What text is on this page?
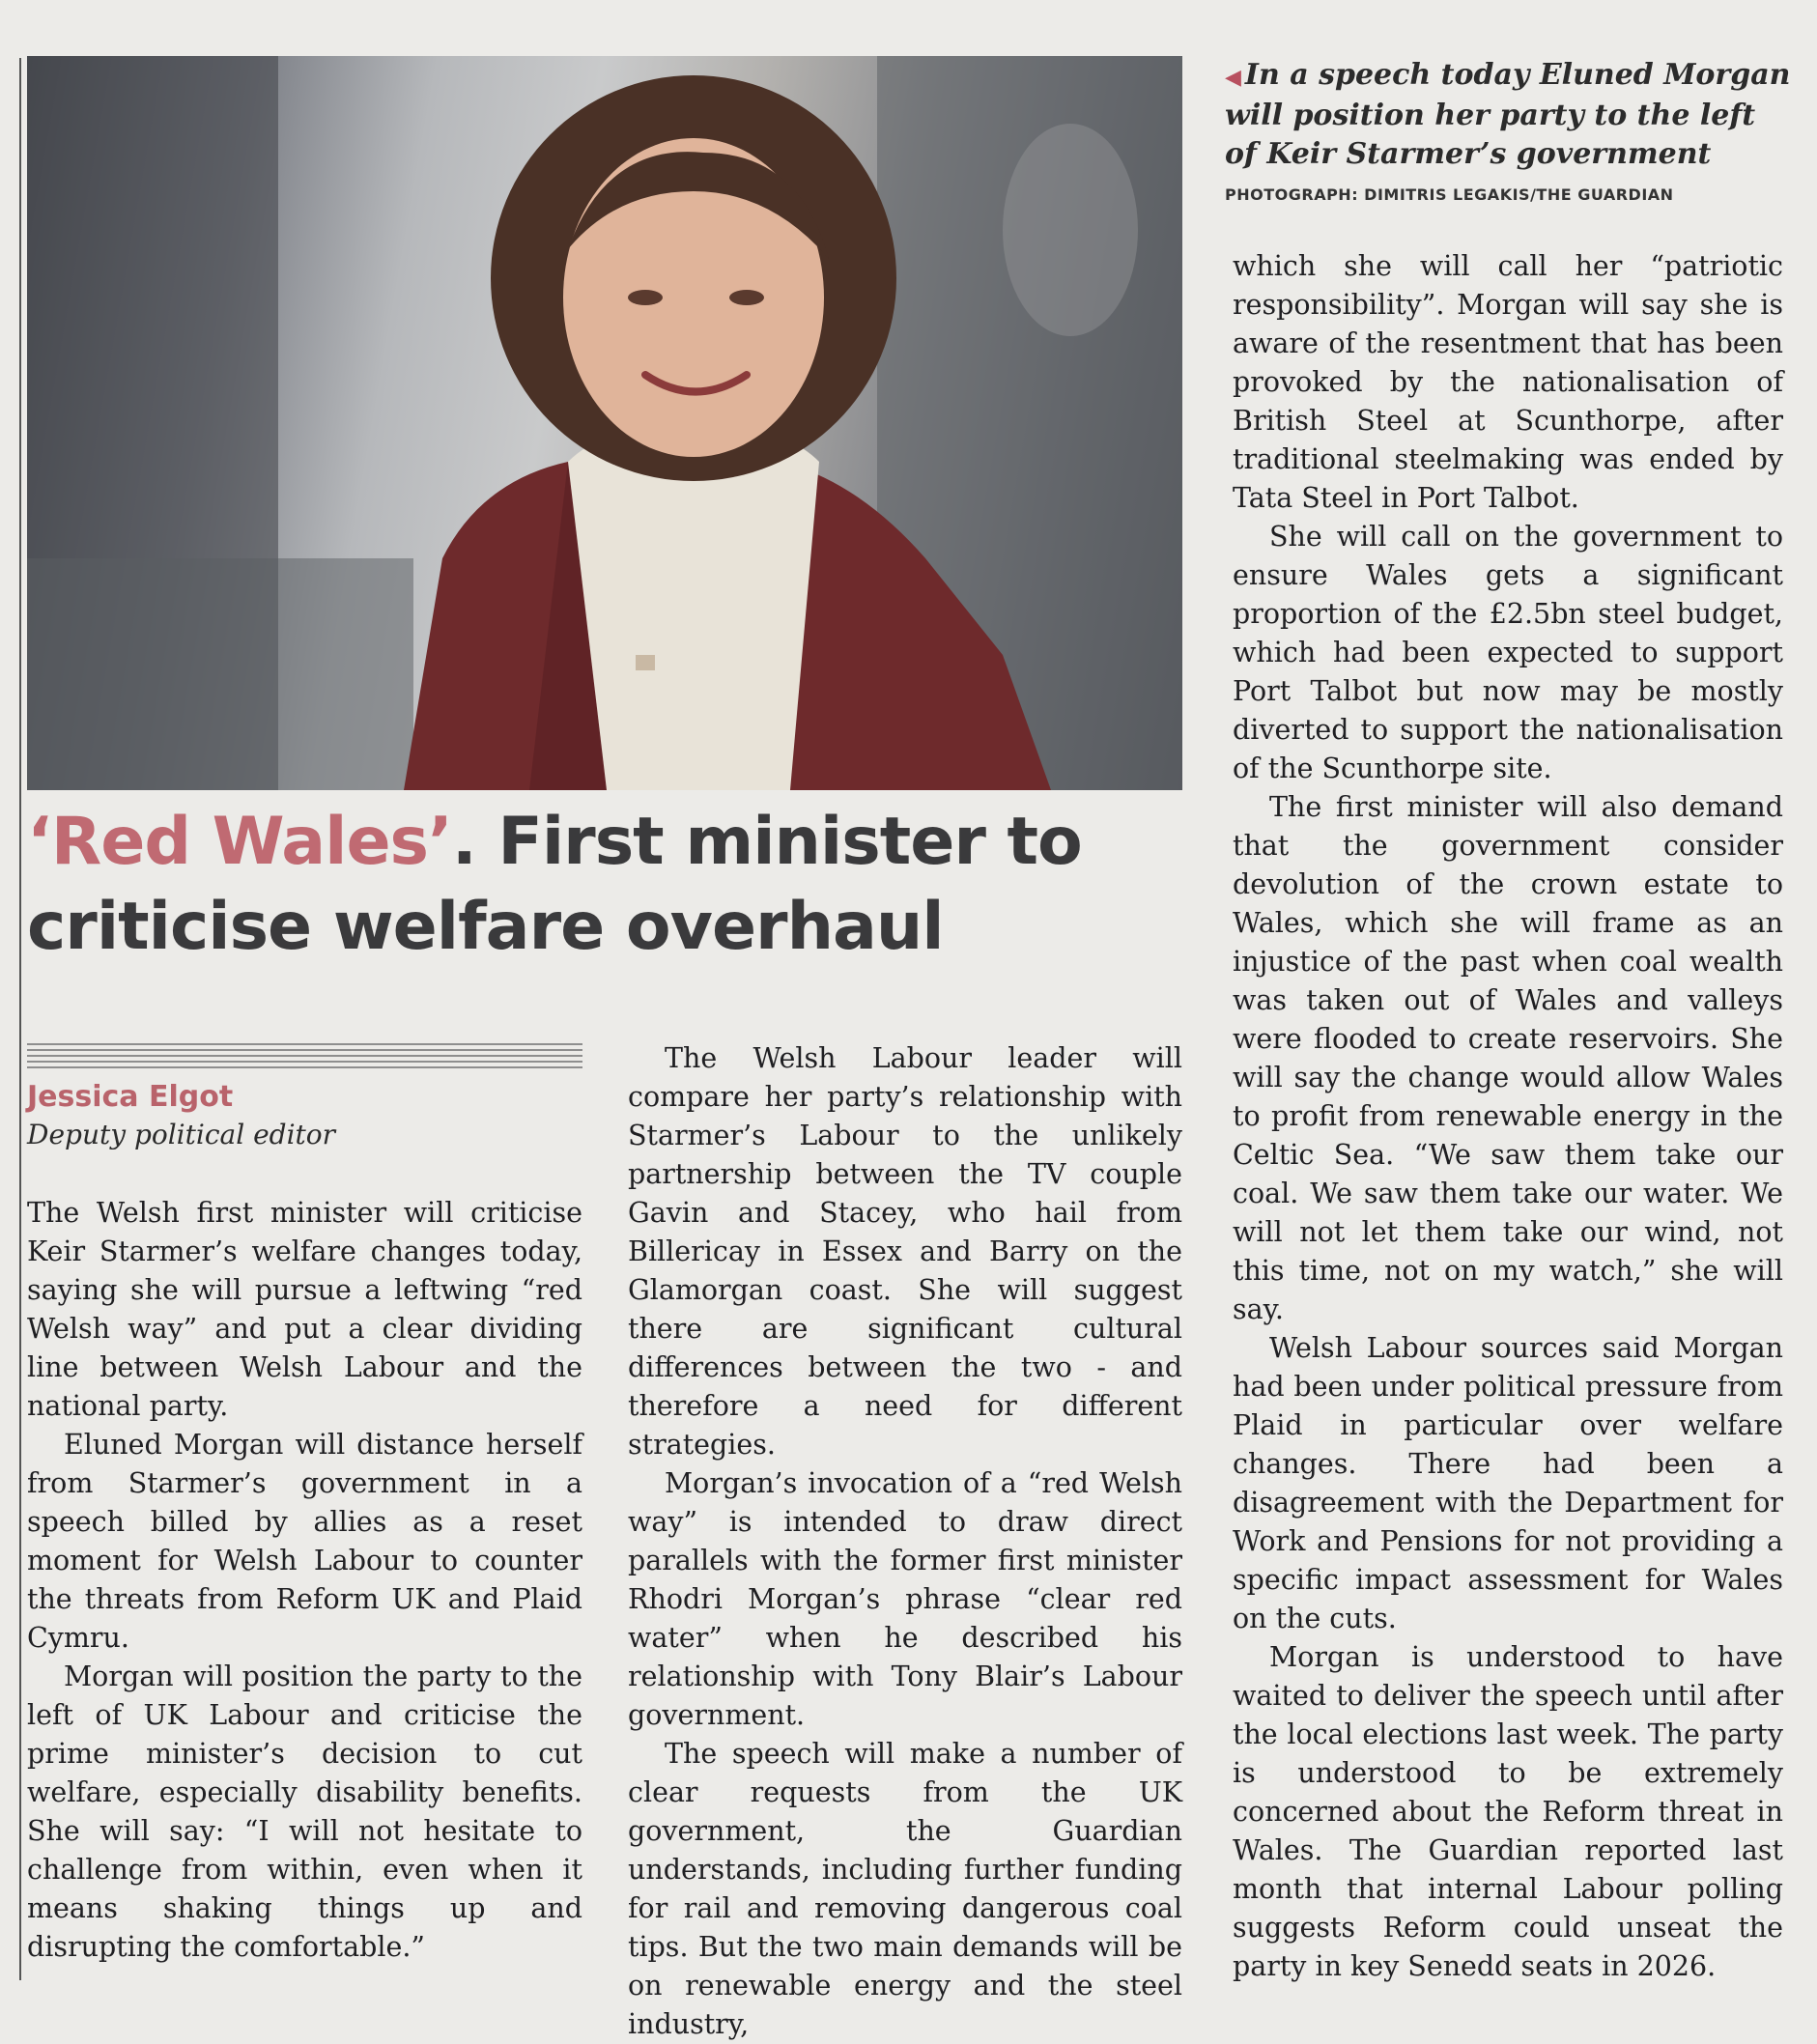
◀ In a speech today Eluned Morgan will position her party to the left of Keir Starmer’s government

PHOTOGRAPH: DIMITRIS LEGAKIS/THE GUARDIAN
‘Red Wales’. First minister to criticise welfare overhaul
Jessica Elgot
Deputy political editor

The Welsh first minister will criticise Keir Starmer’s welfare changes today, saying she will pursue a leftwing “red Welsh way” and put a clear dividing line between Welsh Labour and the national party.

Eluned Morgan will distance herself from Starmer’s government in a speech billed by allies as a reset moment for Welsh Labour to counter the threats from Reform UK and Plaid Cymru.

Morgan will position the party to the left of UK Labour and criticise the prime minister’s decision to cut welfare, especially disability benefits. She will say: “I will not hesitate to challenge from within, even when it means shaking things up and disrupting the comfortable.”

The Welsh Labour leader will compare her party’s relationship with Starmer’s Labour to the unlikely partnership between the TV couple Gavin and Stacey, who hail from Billericay in Essex and Barry on the Glamorgan coast. She will suggest there are significant cultural differences between the two - and therefore a need for different strategies.

Morgan’s invocation of a “red Welsh way” is intended to draw direct parallels with the former first minister Rhodri Morgan’s phrase “clear red water” when he described his relationship with Tony Blair’s Labour government.

The speech will make a number of clear requests from the UK government, the Guardian understands, including further funding for rail and removing dangerous coal tips. But the two main demands will be on renewable energy and the steel industry,

which she will call her “patriotic responsibility”. Morgan will say she is aware of the resentment that has been provoked by the nationalisation of British Steel at Scunthorpe, after traditional steelmaking was ended by Tata Steel in Port Talbot.

She will call on the government to ensure Wales gets a significant proportion of the £2.5bn steel budget, which had been expected to support Port Talbot but now may be mostly diverted to support the nationalisation of the Scunthorpe site.

The first minister will also demand that the government consider devolution of the crown estate to Wales, which she will frame as an injustice of the past when coal wealth was taken out of Wales and valleys were flooded to create reservoirs. She will say the change would allow Wales to profit from renewable energy in the Celtic Sea. “We saw them take our coal. We saw them take our water. We will not let them take our wind, not this time, not on my watch,” she will say.

Welsh Labour sources said Morgan had been under political pressure from Plaid in particular over welfare changes. There had been a disagreement with the Department for Work and Pensions for not providing a specific impact assessment for Wales on the cuts.

Morgan is understood to have waited to deliver the speech until after the local elections last week. The party is understood to be extremely concerned about the Reform threat in Wales. The Guardian reported last month that internal Labour polling suggests Reform could unseat the party in key Senedd seats in 2026.
